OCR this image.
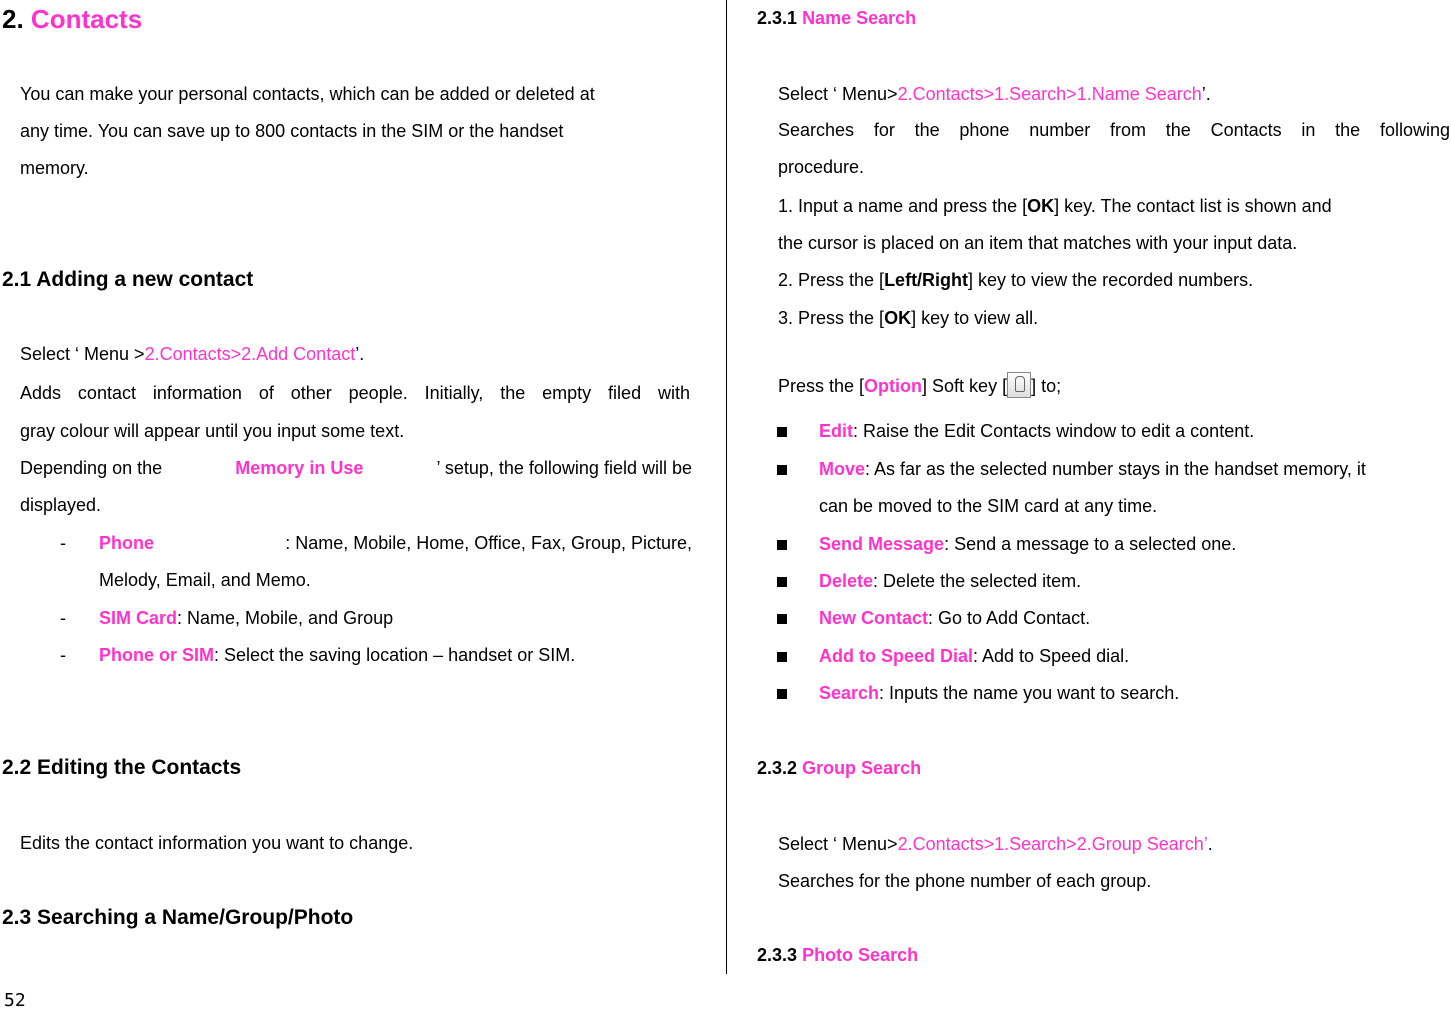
2. Contacts
You can make your personal contacts, which can be added or deleted at
any time. You can save up to 800 contacts in the SIM or the handset
memory.
2.1 Adding a new contact
Select ‘ Menu >2.Contacts>2.Add Contact’.
Adds contact information of other people. Initially, the empty filed with
gray colour will appear until you input some text.
Depending on the	Memory in Use	’ setup, the following field will be
displayed.
- Phone	: Name, Mobile, Home, Office, Fax, Group, Picture,
Melody, Email, and Memo.
- SIM Card: Name, Mobile, and Group
- Phone or SIM: Select the saving location – handset or SIM.
2.2 Editing the Contacts
Edits the contact information you want to change.
2.3 Searching a Name/Group/Photo
2.3.1 Name Search
Select ‘ Menu>2.Contacts>1.Search>1.Name Search’.
Searches for the phone number from the Contacts in the following
procedure.
1. Input a name and press the [ OK ] key. The contact list is shown and
the cursor is placed on an item that matches with your input data.
2. Press the [Left/Right] key to view the recorded numbers.
3. Press the [OK] key to view all.
Press the [Option] Soft key [ ] to;
Edit: Raise the Edit Contacts window to edit a content.
Move: As far as the selected number stays in the handset memory, it
can be moved to the SIM card at any time.
Send Message: Send a message to a selected one.
Delete: Delete the selected item.
New Contact: Go to Add Contact.
Add to Speed Dial: Add to Speed dial.
Search: Inputs the name you want to search.
2.3.2 Group Search
Select ‘ Menu>2.Contacts>1.Search>2.Group Search’.
Searches for the phone number of each group.
2.3.3 Photo Search
52
